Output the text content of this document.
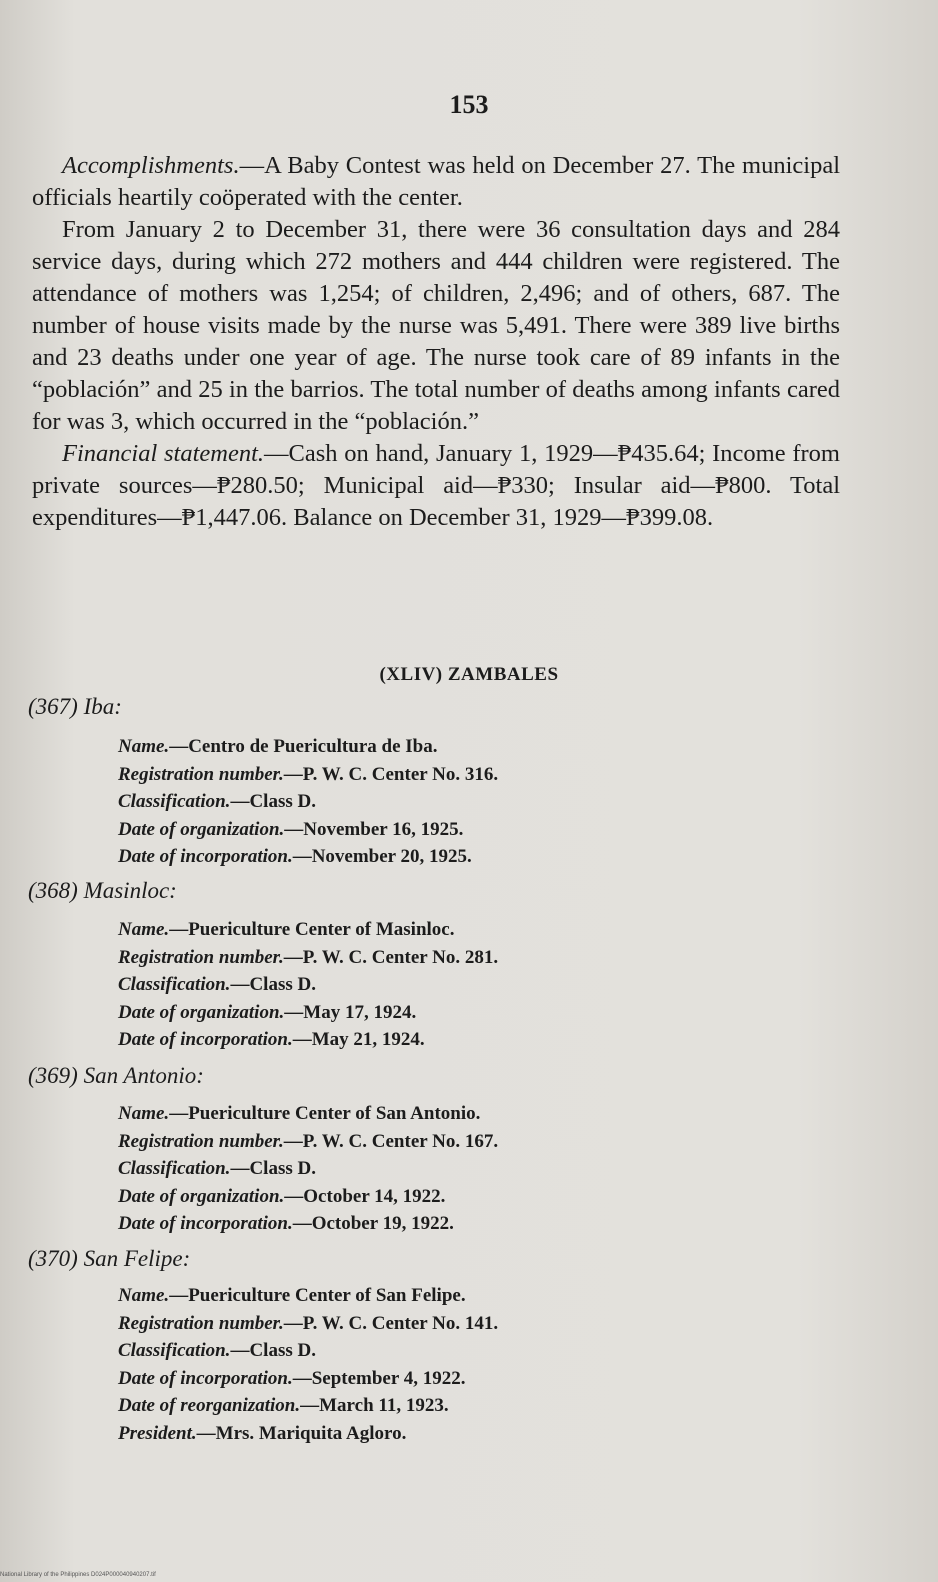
153

Accomplishments.—A Baby Contest was held on December 27. The municipal officials heartily coöperated with the center.

From January 2 to December 31, there were 36 consultation days and 284 service days, during which 272 mothers and 444 children were registered. The attendance of mothers was 1,254; of children, 2,496; and of others, 687. The number of house visits made by the nurse was 5,491. There were 389 live births and 23 deaths under one year of age. The nurse took care of 89 infants in the “población” and 25 in the barrios. The total number of deaths among infants cared for was 3, which occurred in the “población.”

Financial statement.—Cash on hand, January 1, 1929—₱435.64; Income from private sources—₱280.50; Municipal aid—₱330; Insular aid—₱800. Total expenditures—₱1,447.06. Balance on December 31, 1929—₱399.08.

(XLIV) ZAMBALES
(367) Iba:
Name.—Centro de Puericultura de Iba.
Registration number.—P. W. C. Center No. 316.
Classification.—Class D.
Date of organization.—November 16, 1925.
Date of incorporation.—November 20, 1925.
(368) Masinloc:
Name.—Puericulture Center of Masinloc.
Registration number.—P. W. C. Center No. 281.
Classification.—Class D.
Date of organization.—May 17, 1924.
Date of incorporation.—May 21, 1924.
(369) San Antonio:
Name.—Puericulture Center of San Antonio.
Registration number.—P. W. C. Center No. 167.
Classification.—Class D.
Date of organization.—October 14, 1922.
Date of incorporation.—October 19, 1922.
(370) San Felipe:
Name.—Puericulture Center of San Felipe.
Registration number.—P. W. C. Center No. 141.
Classification.—Class D.
Date of incorporation.—September 4, 1922.
Date of reorganization.—March 11, 1923.
President.—Mrs. Mariquita Agloro.
National Library of the Philippines D024P000040940207.tif
